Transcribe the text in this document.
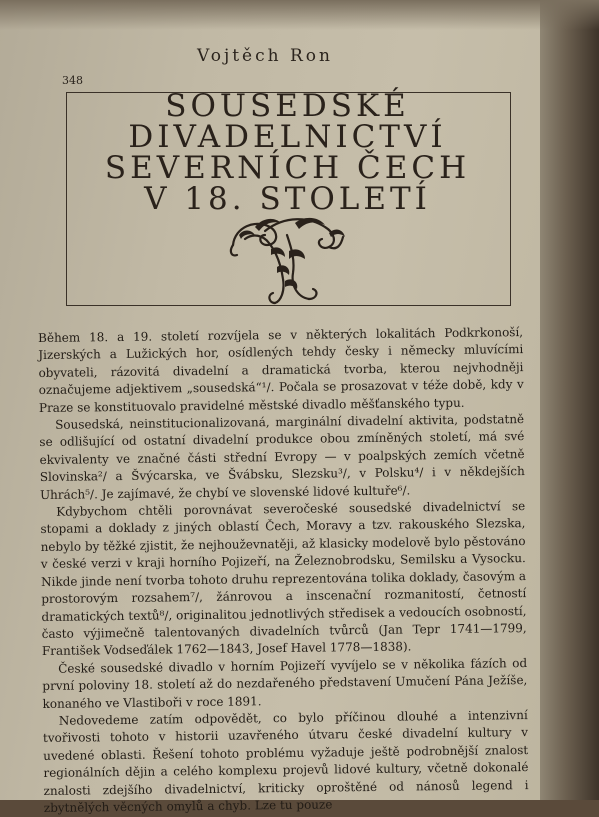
Vojtěch Ron
348
SOUSEDSKÉ
DIVADELNICTVÍ
SEVERNÍCH ČECH
V 18. STOLETÍ

Během 18. a 19. století rozvíjela se v některých lokalitách Podkrkonoší, Jizerských a Lužických hor, osídlených tehdy česky i německy mluvícími obyvateli, rázovitá divadelní a dramatická tvorba, kterou nejvhodněji označujeme adjektivem „sousedská“¹/. Počala se prosazovat v téže době, kdy v Praze se konstituovalo pravidelné městské divadlo měšťanského typu.

Sousedská, neinstitucionalizovaná, marginální divadelní aktivita, podstatně se odlišující od ostatní divadelní produkce obou zmíněných století, má své ekvivalenty ve značné části střední Evropy — v poalpských zemích včetně Slovinska²/ a Švýcarska, ve Švábsku, Slezsku³/, v Polsku⁴/ i v někdejších Uhrách⁵/. Je zajímavé, že chybí ve slovenské lidové kultuře⁶/.

Kdybychom chtěli porovnávat severočeské sousedské divadelnictví se stopami a doklady z jiných oblastí Čech, Moravy a tzv. rakouského Slezska, nebylo by těžké zjistit, že nejhouževnatěji, až klasicky modelově bylo pěstováno v české verzi v kraji horního Pojizeří, na Železnobrodsku, Semilsku a Vysocku. Nikde jinde není tvorba tohoto druhu reprezentována tolika doklady, časovým a prostorovým rozsahem⁷/, žánrovou a inscenační rozmanitostí, četností dramatických textů⁸/, originalitou jednotlivých středisek a vedoucích osobností, často výjimečně talentovaných divadelních tvůrců (Jan Tepr 1741—1799, František Vodseďálek 1762—1843, Josef Havel 1778—1838).

České sousedské divadlo v horním Pojizeří vyvíjelo se v několika fázích od první poloviny 18. století až do nezdařeného představení Umučení Pána Ježíše, konaného ve Vlastiboři v roce 1891.

Nedovedeme zatím odpovědět, co bylo příčinou dlouhé a intenzivní tvořivosti tohoto v historii uzavřeného útvaru české divadelní kultury v uvedené oblasti. Řešení tohoto problému vyžaduje ještě podrobnější znalost regionálních dějin a celého komplexu projevů lidové kultury, včetně dokonalé znalosti zdejšího divadelnictví, kriticky oproštěné od nánosů legend i zbytnělých věcných omylů a chyb. Lze tu pouze
